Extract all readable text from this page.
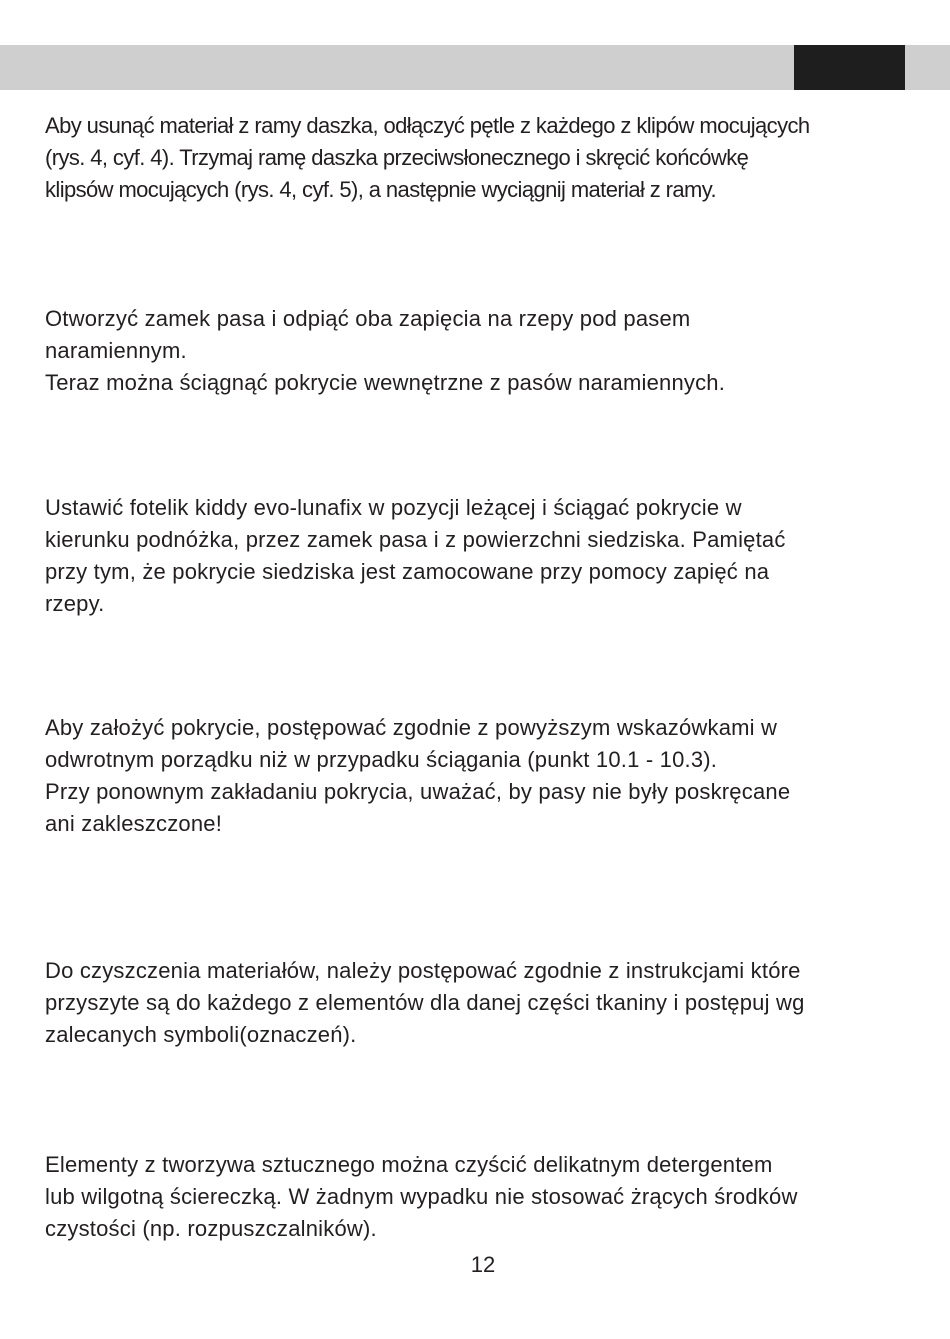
Aby usunąć materiał z ramy daszka, odłączyć pętle z każdego z klipów mocujących
(rys. 4, cyf. 4). Trzymaj ramę daszka przeciwsłonecznego i skręcić końcówkę
klipsów mocujących (rys. 4, cyf. 5), a następnie wyciągnij materiał z ramy.
Otworzyć zamek pasa i odpiąć oba zapięcia na rzepy pod pasem
naramiennym.
Teraz można ściągnąć pokrycie wewnętrzne z pasów naramiennych.
Ustawić fotelik kiddy evo-lunafix w pozycji leżącej i ściągać pokrycie w
kierunku podnóżka, przez zamek pasa i z powierzchni siedziska. Pamiętać
przy tym, że pokrycie siedziska jest zamocowane przy pomocy zapięć na
rzepy.
Aby założyć pokrycie, postępować zgodnie z powyższym wskazówkami w
odwrotnym porządku niż w przypadku ściągania (punkt 10.1 - 10.3).
Przy ponownym zakładaniu pokrycia, uważać, by pasy nie były poskręcane
ani zakleszczone!
Do czyszczenia materiałów, należy postępować zgodnie z instrukcjami które
przyszyte są do każdego z elementów dla danej części tkaniny i postępuj wg
zalecanych symboli(oznaczeń).
Elementy z tworzywa sztucznego można czyścić delikatnym detergentem
lub wilgotną ściereczką. W żadnym wypadku nie stosować żrących środków
czystości (np. rozpuszczalników).
12
